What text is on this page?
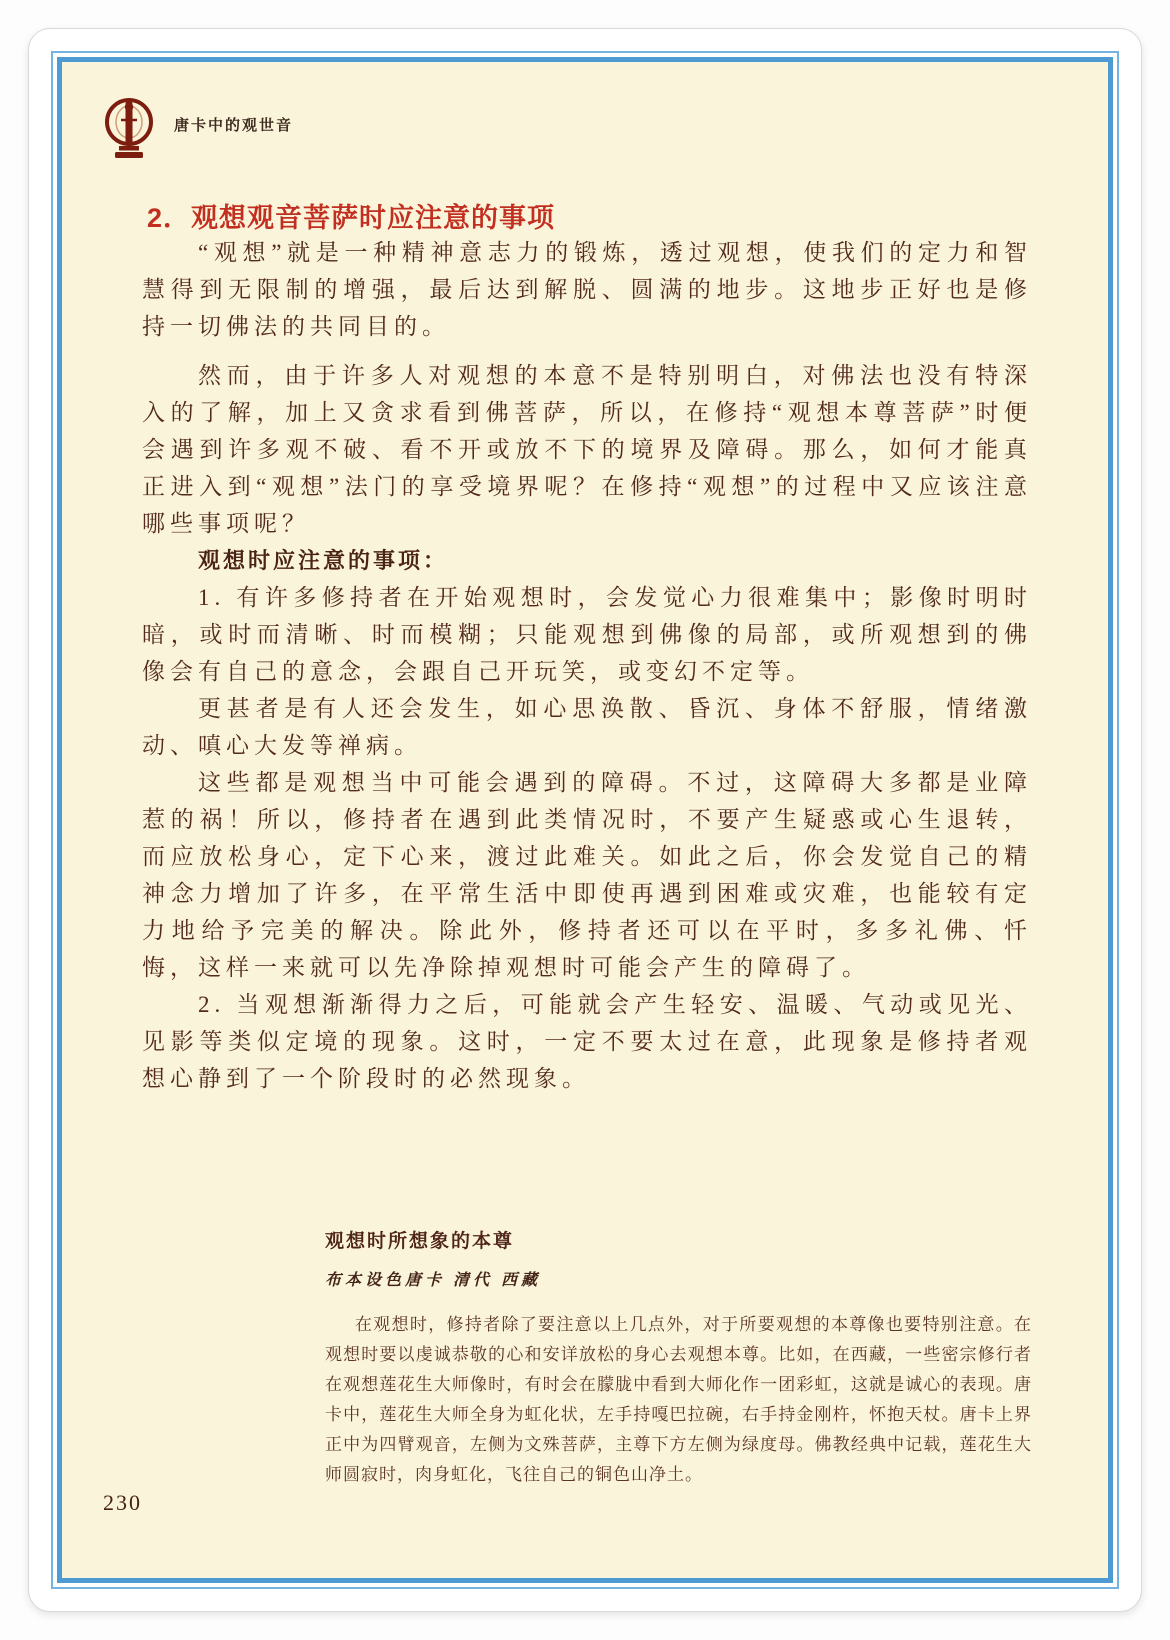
唐卡中的观世音
2．观想观音菩萨时应注意的事项

“观想”就是一种精神意志力的锻炼，透过观想，使我们的定力和智慧得到无限制的增强，最后达到解脱、圆满的地步。这地步正好也是修持一切佛法的共同目的。

然而，由于许多人对观想的本意不是特别明白，对佛法也没有特深入的了解，加上又贪求看到佛菩萨，所以，在修持“观想本尊菩萨”时便会遇到许多观不破、看不开或放不下的境界及障碍。那么，如何才能真正进入到“观想”法门的享受境界呢？在修持“观想”的过程中又应该注意哪些事项呢？

观想时应注意的事项：

1. 有许多修持者在开始观想时，会发觉心力很难集中；影像时明时暗，或时而清晰、时而模糊；只能观想到佛像的局部，或所观想到的佛像会有自己的意念，会跟自己开玩笑，或变幻不定等。

更甚者是有人还会发生，如心思涣散、昏沉、身体不舒服，情绪激动、嗔心大发等禅病。

这些都是观想当中可能会遇到的障碍。不过，这障碍大多都是业障惹的祸！所以，修持者在遇到此类情况时，不要产生疑惑或心生退转，而应放松身心，定下心来，渡过此难关。如此之后，你会发觉自己的精神念力增加了许多，在平常生活中即使再遇到困难或灾难，也能较有定力地给予完美的解决。除此外，修持者还可以在平时，多多礼佛、忏悔，这样一来就可以先净除掉观想时可能会产生的障碍了。

2. 当观想渐渐得力之后，可能就会产生轻安、温暖、气动或见光、见影等类似定境的现象。这时，一定不要太过在意，此现象是修持者观想心静到了一个阶段时的必然现象。

观想时所想象的本尊

布本设色唐卡 清代 西藏

在观想时，修持者除了要注意以上几点外，对于所要观想的本尊像也要特别注意。在观想时要以虔诚恭敬的心和安详放松的身心去观想本尊。比如，在西藏，一些密宗修行者在观想莲花生大师像时，有时会在朦胧中看到大师化作一团彩虹，这就是诚心的表现。唐卡中，莲花生大师全身为虹化状，左手持嘎巴拉碗，右手持金刚杵，怀抱天杖。唐卡上界正中为四臂观音，左侧为文殊菩萨，主尊下方左侧为绿度母。佛教经典中记载，莲花生大师圆寂时，肉身虹化，飞往自己的铜色山净土。

230
